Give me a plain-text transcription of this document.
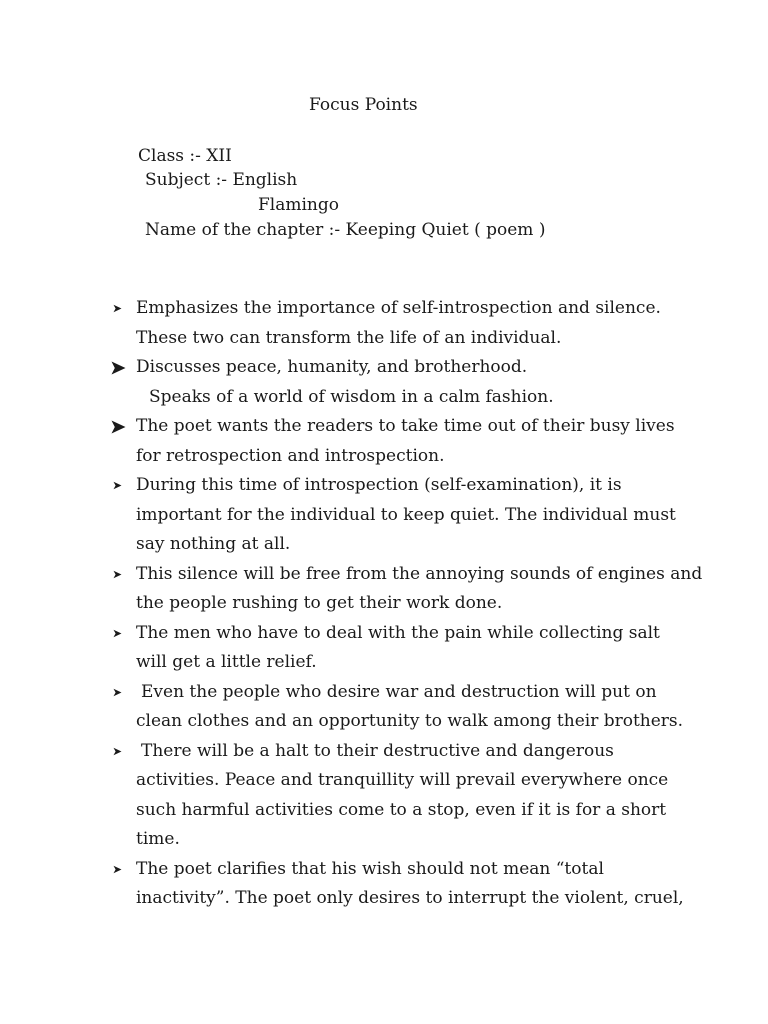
Focus Points
Class :- XII
Subject :- English
Flamingo
Name of the chapter :- Keeping Quiet ( poem )
Emphasizes the importance of self-introspection and silence.
These two can transform the life of an individual.
Discusses peace, humanity, and brotherhood.
Speaks of a world of wisdom in a calm fashion.
The poet wants the readers to take time out of their busy lives
for retrospection and introspection.
During this time of introspection (self-examination), it is
important for the individual to keep quiet. The individual must
say nothing at all.
This silence will be free from the annoying sounds of engines and
the people rushing to get their work done.
The men who have to deal with the pain while collecting salt
will get a little relief.
Even the people who desire war and destruction will put on
clean clothes and an opportunity to walk among their brothers.
There will be a halt to their destructive and dangerous
activities. Peace and tranquillity will prevail everywhere once
such harmful activities come to a stop, even if it is for a short
time.
The poet clarifies that his wish should not mean “total
inactivity”. The poet only desires to interrupt the violent, cruel,
